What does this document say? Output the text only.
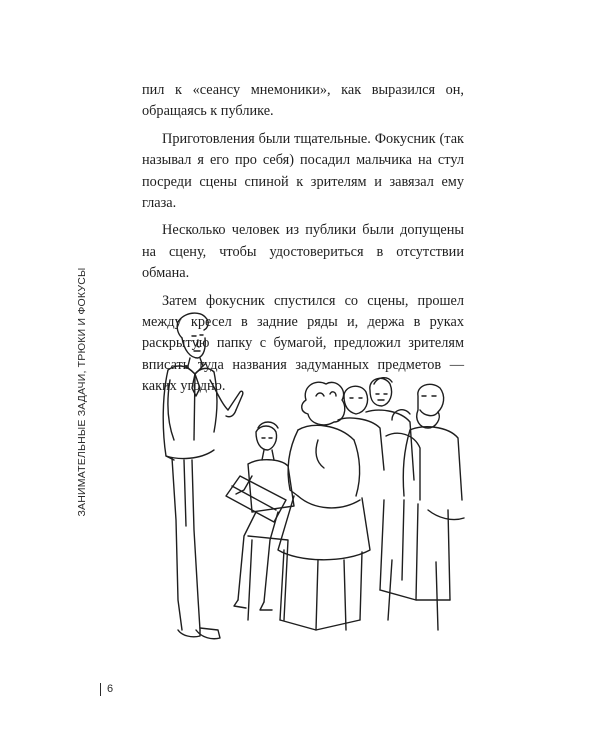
ЗАНИМАТЕЛЬНЫЕ ЗАДАЧИ, ТРЮКИ И ФОКУСЫ

пил к «сеансу мнемоники», как выразился он, обращаясь к публике.

Приготовления были тщательные. Фокусник (так называл я его про себя) посадил мальчика на стул посреди сцены спиной к зрителям и завязал ему глаза.

Несколько человек из публики были допущены на сцену, чтобы удостовериться в отсутствии обмана.

Затем фокусник спустился со сцены, прошел между кресел в задние ряды и, держа в руках раскрытую папку с бумагой, предложил зрителям вписать туда названия задуманных предметов — каких угодно.

6
